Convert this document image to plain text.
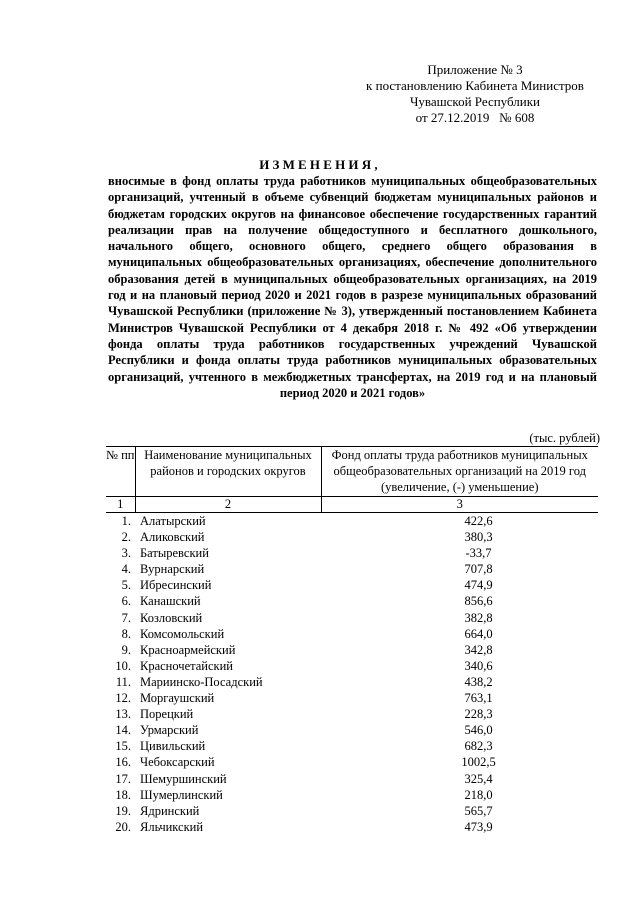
Приложение № 3
к постановлению Кабинета Министров
Чувашской Республики
от 27.12.2019   № 608
ИЗМЕНЕНИЯ,
вносимые в фонд оплаты труда работников муниципальных общеобразовательных организаций, учтенный в объеме субвенций бюджетам муниципальных районов и бюджетам городских округов на финансовое обеспечение государственных гарантий реализации прав на получение общедоступного и бесплатного дошкольного, начального общего, основного общего, среднего общего образования в муниципальных общеобразовательных организациях, обеспечение дополнительного образования детей в муниципальных общеобразовательных организациях, на 2019 год и на плановый период 2020 и 2021 годов в разрезе муниципальных образований Чувашской Республики (приложение № 3), утвержденный постановлением Кабинета Министров Чувашской Республики от 4 декабря 2018 г. № 492 «Об утверждении фонда оплаты труда работников государственных учреждений Чувашской Республики и фонда оплаты труда работников муниципальных образовательных организаций, учтенного в межбюджетных трансфертах, на 2019 год и на плановый период 2020 и 2021 годов»
(тыс. рублей)
№ пп	Наименование муниципальных районов и городских округов	Фонд оплаты труда работников муниципальных общеобразовательных организаций на 2019 год (увеличение, (-) уменьшение)
1	2	3
1.	Алатырский	422,6
2.	Аликовский	380,3
3.	Батыревский	-33,7
4.	Вурнарский	707,8
5.	Ибресинский	474,9
6.	Канашский	856,6
7.	Козловский	382,8
8.	Комсомольский	664,0
9.	Красноармейский	342,8
10.	Красночетайский	340,6
11.	Мариинско-Посадский	438,2
12.	Моргаушский	763,1
13.	Порецкий	228,3
14.	Урмарский	546,0
15.	Цивильский	682,3
16.	Чебоксарский	1002,5
17.	Шемуршинский	325,4
18.	Шумерлинский	218,0
19.	Ядринский	565,7
20.	Яльчикский	473,9
